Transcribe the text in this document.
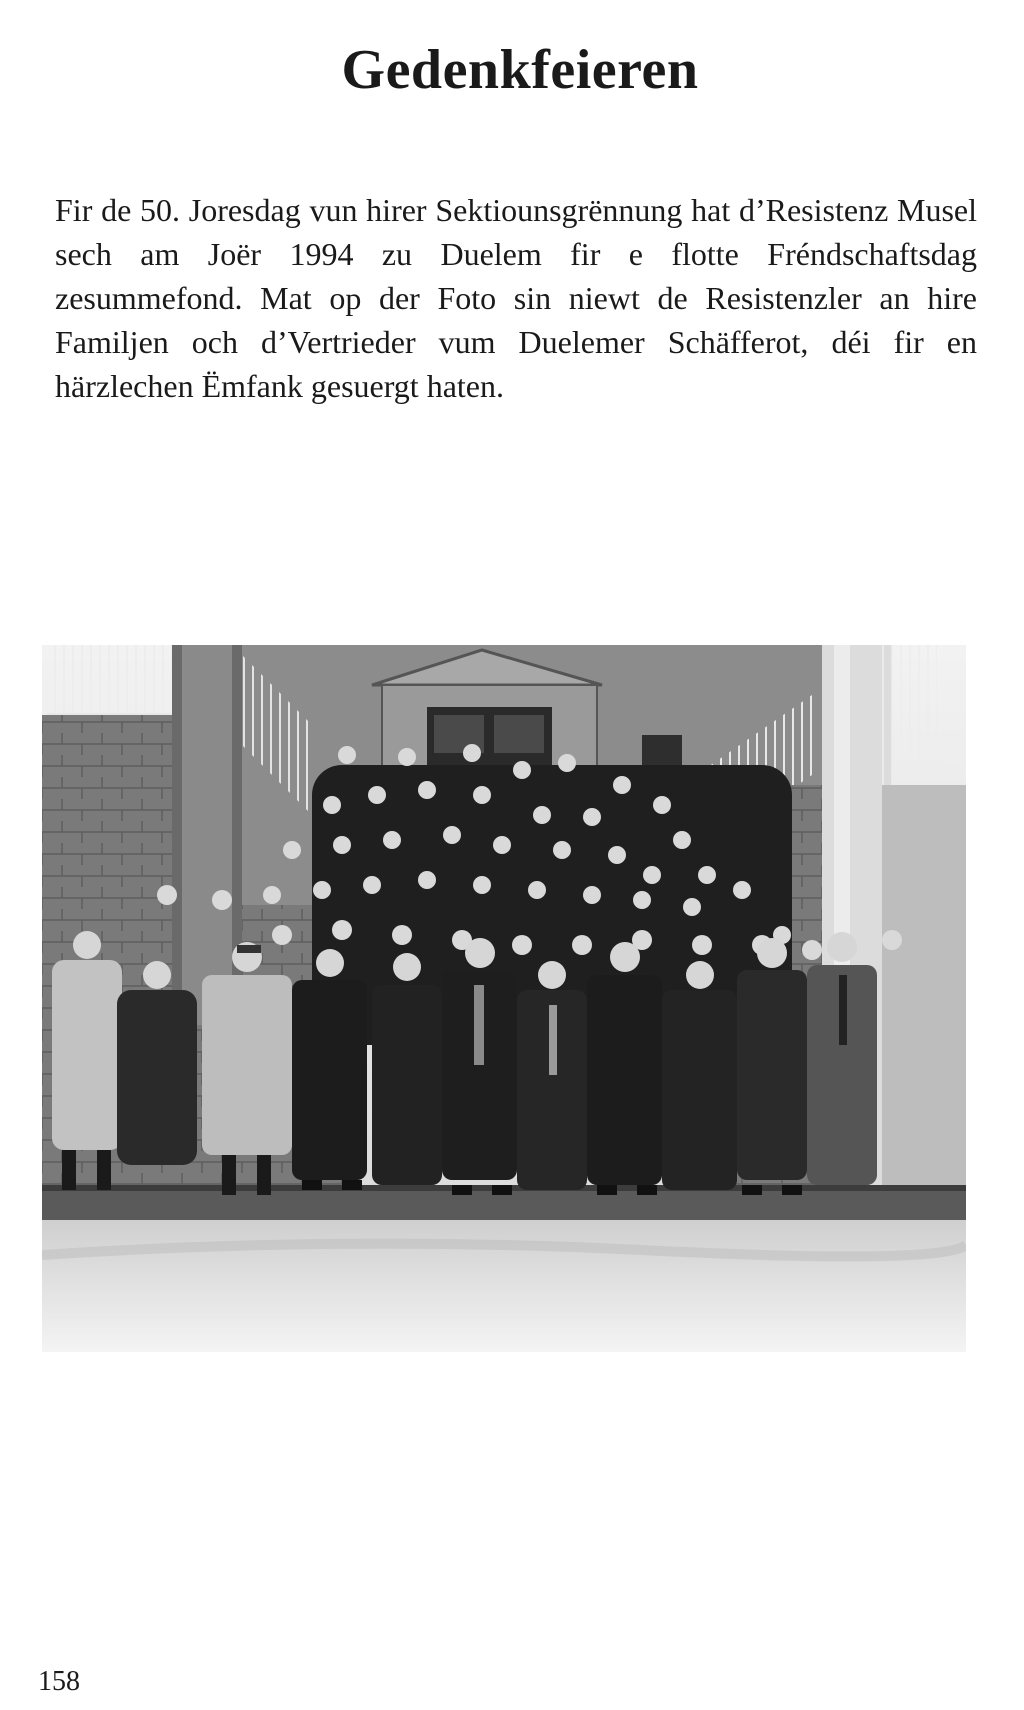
Gedenkfeieren

Fir de 50. Joresdag vun hirer Sektiounsgrënnung hat d’Resistenz Musel sech am Joër 1994 zu Duelem fir e flotte Fréndschaftsdag zesummefond. Mat op der Foto sin niewt de Resistenzler an hire Familjen och d’Vertrieder vum Duelemer Schäfferot, déi fir en härzlechen Ëmfank gesuergt haten.

158
